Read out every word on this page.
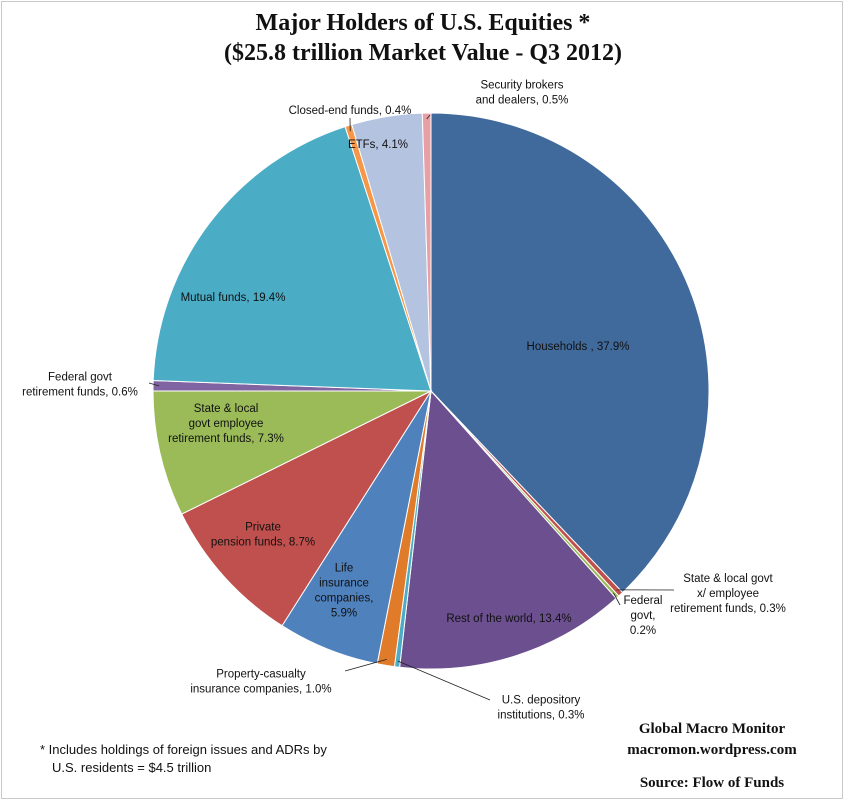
Major Holders of U.S. Equities *
($25.8 trillion Market Value - Q3 2012)
Households , 37.9%
State & local govt x/ employee retirement funds, 0.3%
Federal govt, 0.2%
Rest of the world, 13.4%
U.S. depository institutions, 0.3%
Property-casualty insurance companies, 1.0%
Life insurance companies, 5.9%
Private pension funds, 8.7%
State & local govt employee retirement funds, 7.3%
Federal govt retirement funds, 0.6%
Mutual funds, 19.4%
Closed-end funds, 0.4%
ETFs, 4.1%
Security brokers and dealers, 0.5%
Global Macro Monitor
macromon.wordpress.com
Source: Flow of Funds
* Includes holdings of foreign issues and ADRs by
U.S. residents = $4.5 trillion
